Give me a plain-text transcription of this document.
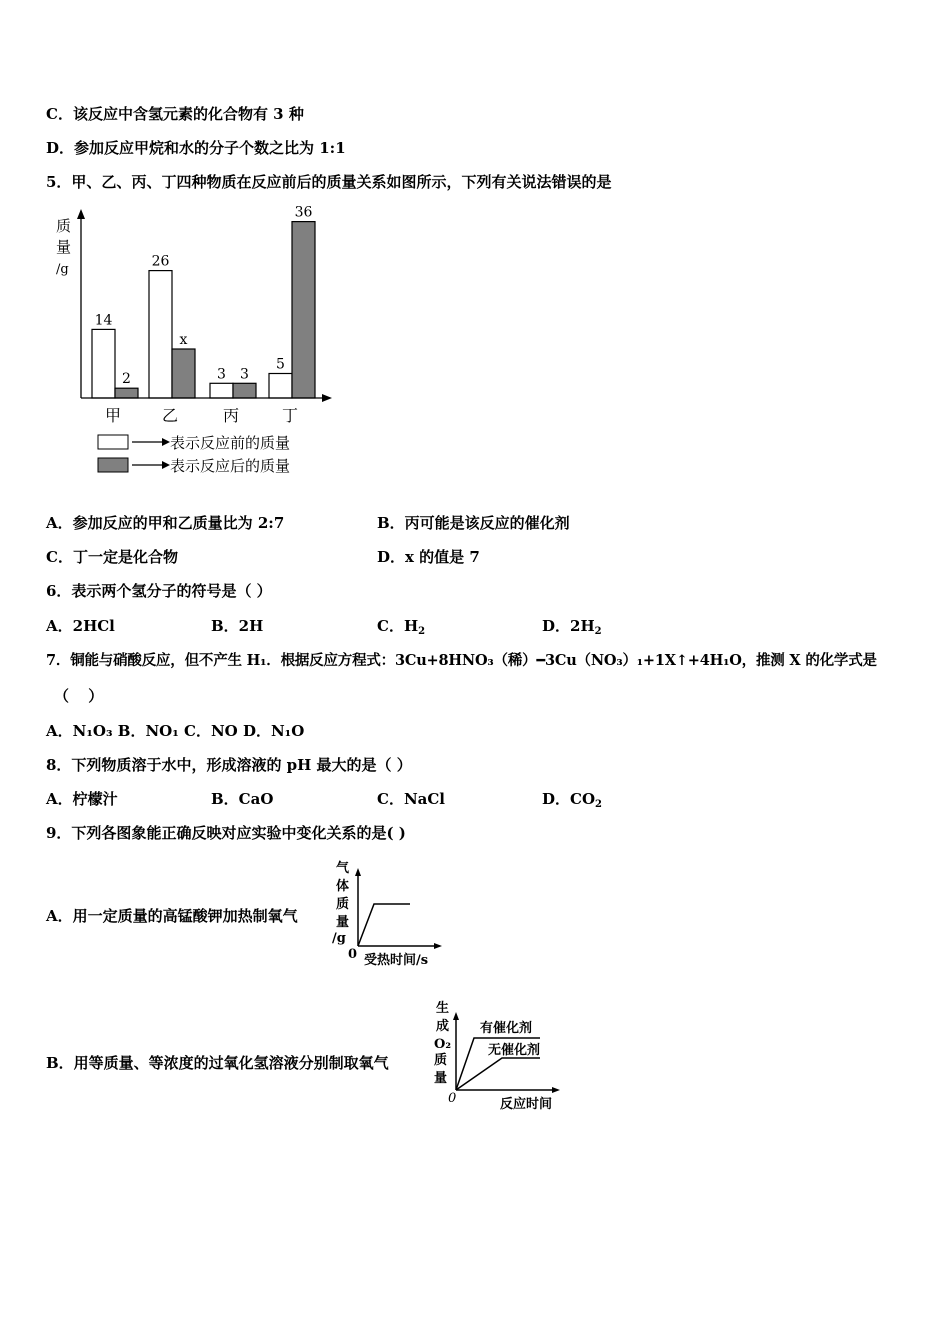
C．该反应中含氢元素的化合物有 3 种
D．参加反应甲烷和水的分子个数之比为 1:1
5．甲、乙、丙、丁四种物质在反应前后的质量关系如图所示，下列有关说法错误的是
质
量
/g
14
2
26
x
3 3
5
36
甲	乙	丙	丁
表示反应前的质量
表示反应后的质量
A．参加反应的甲和乙质量比为 2:7	B．丙可能是该反应的催化剂
C．丁一定是化合物	D．x 的值是 7
6．表示两个氢分子的符号是（ ）
A．2HCl	B．2H	C．$H_2$	D．$2H_2$
7．铜能与硝酸反应，但不产生 H₁．根据反应方程式：3Cu+8HNO₃（稀）━3Cu（NO₃）₁+1X↑+4H₁O，推测 X 的化学式是
（ ）
A．N₁O₃ B．NO₁ C．NO D．N₁O
8．下列物质溶于水中，形成溶液的 pH 最大的是（ ）
A．柠檬汁	B．CaO	C．NaCl	D．$CO_2$
9．下列各图象能正确反映对应实验中变化关系的是( )
A．用一定质量的高锰酸钾加热制氧气
气
体
质
量
/g
0 受热时间/s
B．用等质量、等浓度的过氧化氢溶液分别制取氧气
生
成
O₂
质
量
有催化剂
无催化剂
反应时间
0
